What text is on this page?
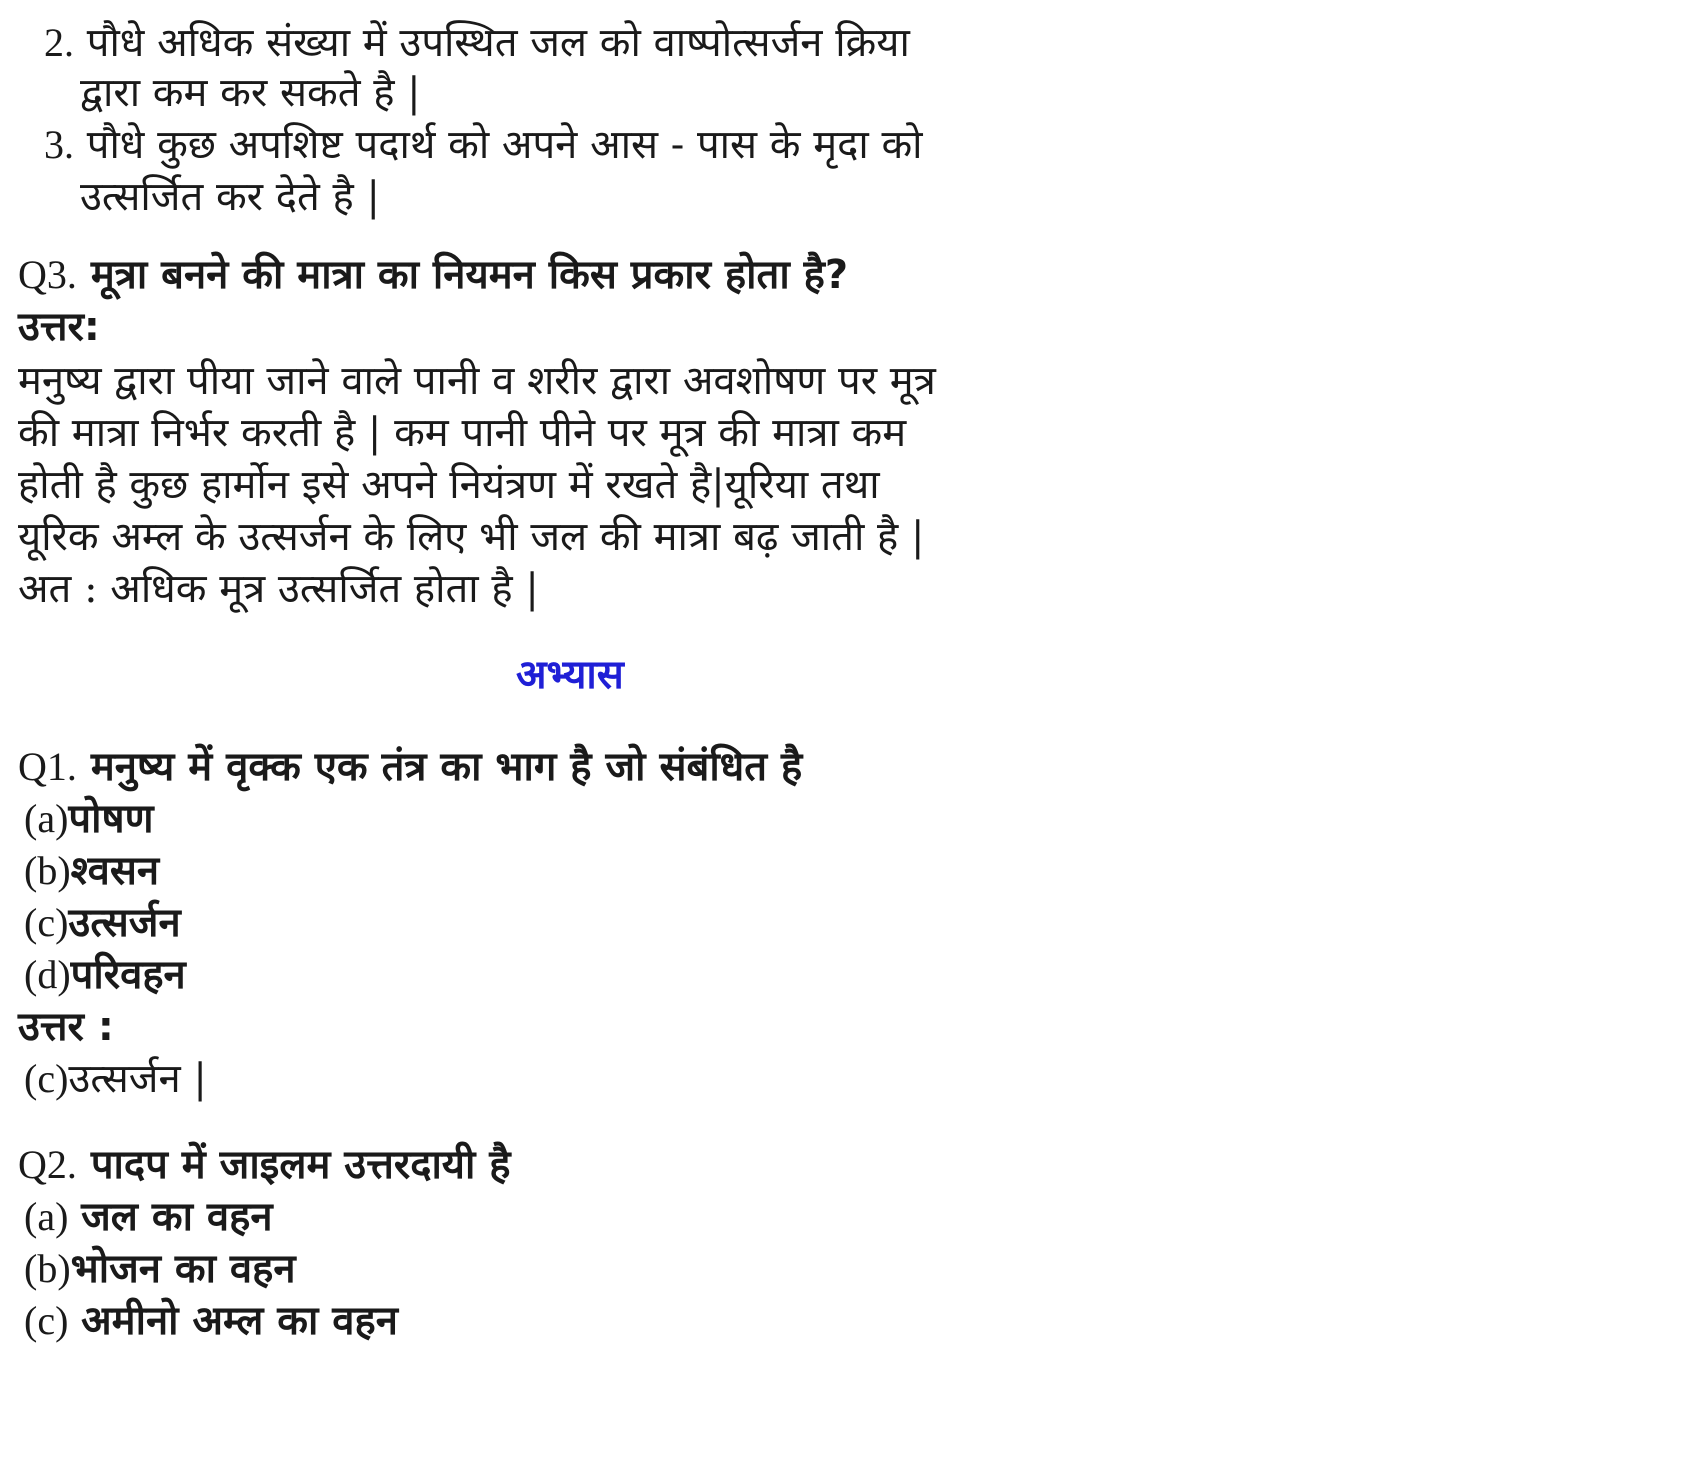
2. पौधे अधिक संख्या में उपस्थित जल को वाष्पोत्सर्जन क्रिया
द्वारा कम कर सकते है |
3. पौधे कुछ अपशिष्ट पदार्थ को अपने आस - पास के मृदा को
उत्सर्जित कर देते है |
Q3. मूत्रा बनने की मात्रा का नियमन किस प्रकार होता है?
उत्तर:
मनुष्य द्वारा पीया जाने वाले पानी व शरीर द्वारा अवशोषण पर मूत्र
की मात्रा निर्भर करती है | कम पानी पीने पर मूत्र की मात्रा कम
होती है कुछ हार्मोन इसे अपने नियंत्रण में रखते है|यूरिया तथा
यूरिक अम्ल के उत्सर्जन के लिए भी जल की मात्रा बढ़ जाती है |
अत : अधिक मूत्र उत्सर्जित होता है |
अभ्यास
Q1. मनुष्य में वृक्क एक तंत्र का भाग है जो संबंधित है
(a)पोषण
(b)श्वसन
(c)उत्सर्जन
(d)परिवहन
उत्तर :
(c)उत्सर्जन |
Q2. पादप में जाइलम उत्तरदायी है
(a) जल का वहन
(b)भोजन का वहन
(c) अमीनो अम्ल का वहन
